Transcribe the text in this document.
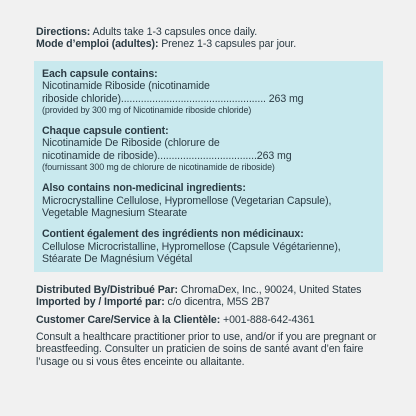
Directions: Adults take 1-3 capsules once daily.

Mode d’emploi (adultes): Prenez 1-3 capsules par jour.

Each capsule contains:

Nicotinamide Riboside (nicotinamide

riboside chloride)................................................... 263 mg

(provided by 300 mg of Nicotinamide riboside chloride)

Chaque capsule contient:

Nicotinamide De Riboside (chlorure de

nicotinamide de riboside)...................................263 mg

(fournissant 300 mg de chlorure de nicotinamide de riboside)

Also contains non-medicinal ingredients:

Microcrystalline Cellulose, Hypromellose (Vegetarian Capsule), Vegetable Magnesium Stearate

Contient également des ingrédients non médicinaux:

Cellulose Microcristalline, Hypromellose (Capsule Végétarienne), Stéarate De Magnésium Végétal

Distributed By/Distribué Par: ChromaDex, Inc., 90024, United States Imported by / Importé par: c/o dicentra, M5S 2B7

Customer Care/Service à la Clientèle: +001-888-642-4361

Consult a healthcare practitioner prior to use, and/or if you are pregnant or breastfeeding. Consulter un praticien de soins de santé avant d’en faire l’usage ou si vous êtes enceinte ou allaitante.
